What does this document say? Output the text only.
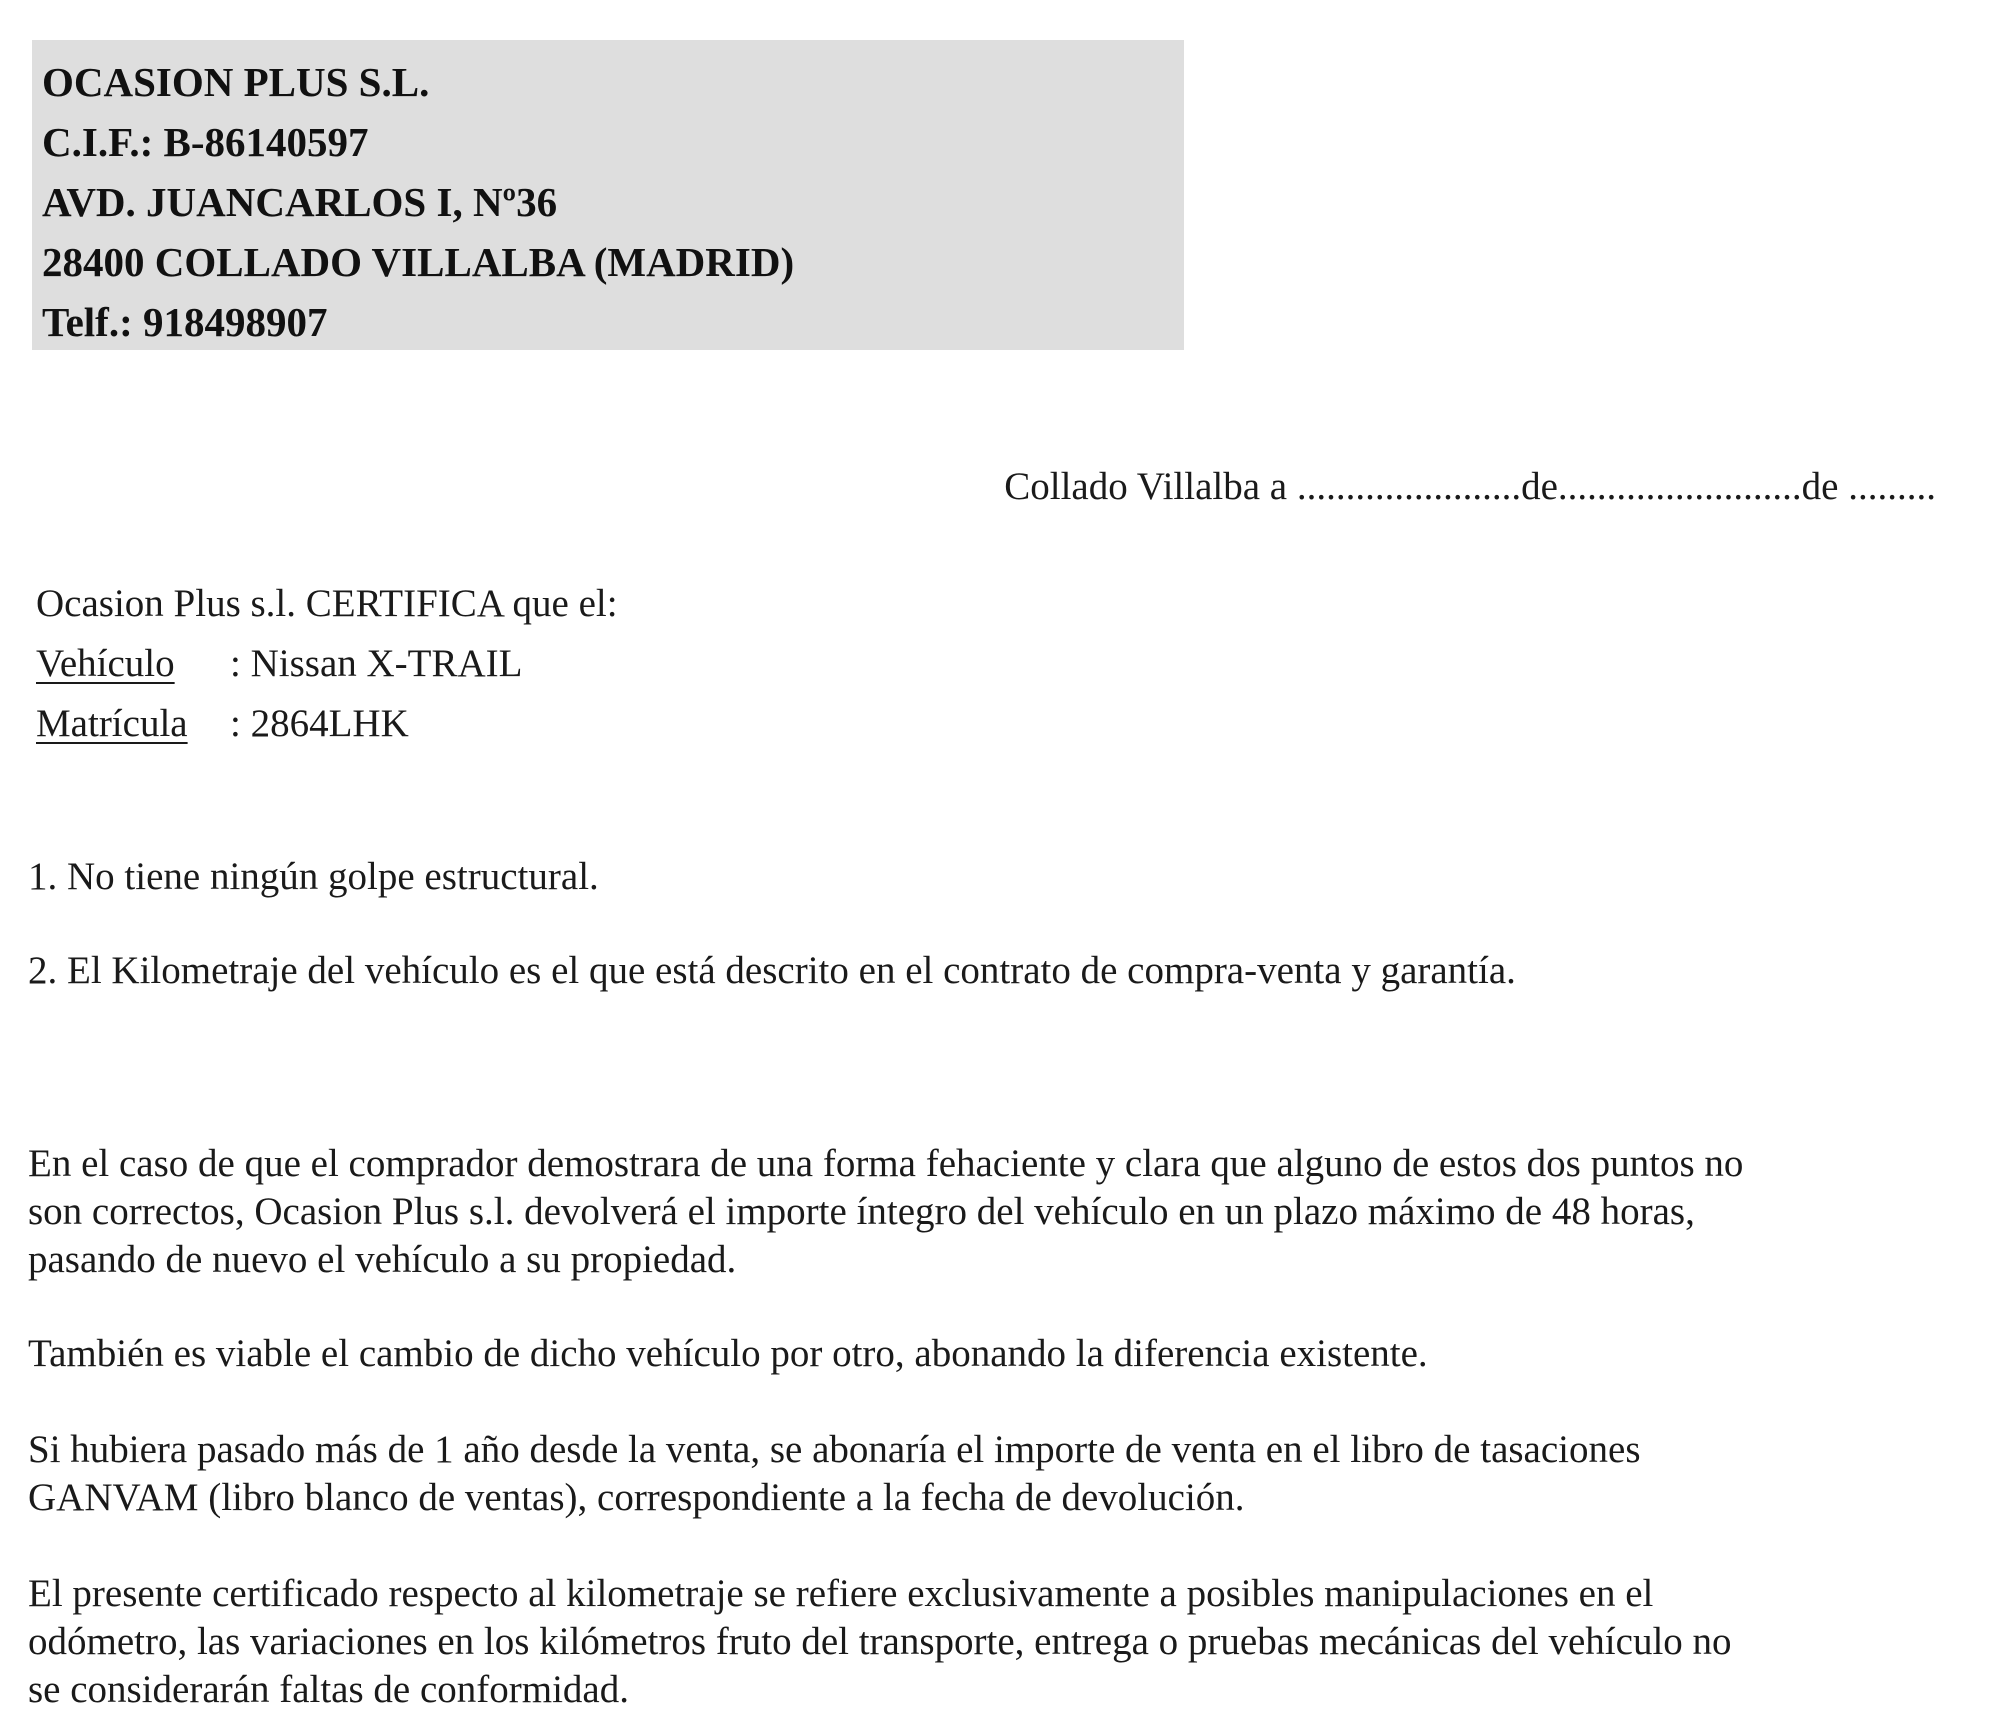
OCASION PLUS S.L.
C.I.F.: B-86140597
AVD. JUANCARLOS I, Nº36
28400 COLLADO VILLALBA (MADRID)
Telf.: 918498907
Collado Villalba a .......................de.........................de .........
Ocasion Plus s.l. CERTIFICA que el:
Vehículo : Nissan X-TRAIL
Matrícula : 2864LHK
1. No tiene ningún golpe estructural.
2. El Kilometraje del vehículo es el que está descrito en el contrato de compra-venta y garantía.

En el caso de que el comprador demostrara de una forma fehaciente y clara que alguno de estos dos puntos no
son correctos, Ocasion Plus s.l. devolverá el importe íntegro del vehículo en un plazo máximo de 48 horas,
pasando de nuevo el vehículo a su propiedad.

También es viable el cambio de dicho vehículo por otro, abonando la diferencia existente.

Si hubiera pasado más de 1 año desde la venta, se abonaría el importe de venta en el libro de tasaciones
GANVAM (libro blanco de ventas), correspondiente a la fecha de devolución.

El presente certificado respecto al kilometraje se refiere exclusivamente a posibles manipulaciones en el
odómetro, las variaciones en los kilómetros fruto del transporte, entrega o pruebas mecánicas del vehículo no
se considerarán faltas de conformidad.
